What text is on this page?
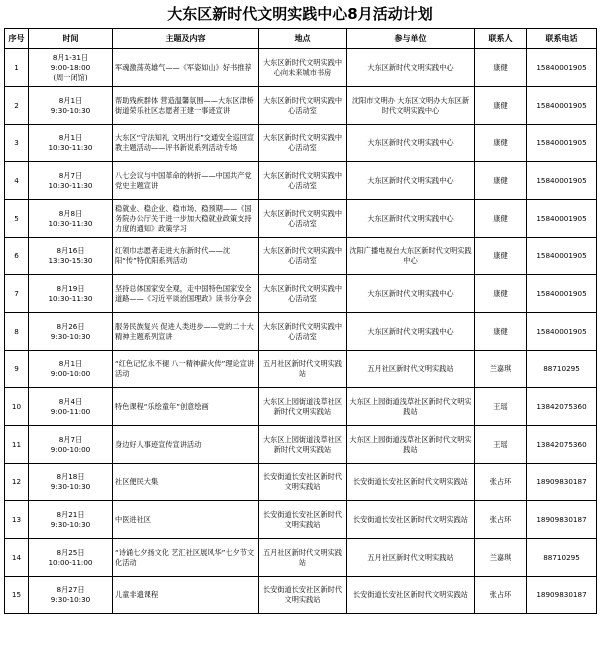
大东区新时代文明实践中心8月活动计划
序号	时间	主题及内容	地点	参与单位	联系人	联系电话
1	8月1-31日
9:00-18:00
(周一闭馆)	军魂激荡英雄气——《军姿如山》好书推荐	大东区新时代文明实践中心向未来城市书房	大东区新时代文明实践中心	康健	15840001905
2	8月1日
9:30-10:30	帮助残疾群体 营造温馨氛围——大东区津桥街道荣乐社区志愿者王建一事迹宣讲	大东区新时代文明实践中心活动室	沈阳市文明办 大东区文明办大东区新时代文明实践中心	康健	15840001905
3	8月1日
10:30-11:30	大东区“守法知礼 文明出行”交通安全巡回宣教主题活动——评书新说系列活动专场	大东区新时代文明实践中心活动室	大东区新时代文明实践中心	康健	15840001905
4	8月7日
10:30-11:30	八七会议与中国革命的转折——中国共产党党史主题宣讲	大东区新时代文明实践中心活动室	大东区新时代文明实践中心	康健	15840001905
5	8月8日
10:30-11:30	稳就业、稳企业、稳市场、稳预期——《国务院办公厅关于进一步加大稳就业政策支持力度的通知》政策学习	大东区新时代文明实践中心活动室	大东区新时代文明实践中心	康健	15840001905
6	8月16日
13:30-15:30	红领巾志愿者走进大东新时代——沈阳“传”特优阳系列活动	大东区新时代文明实践中心活动室	沈阳广播电视台大东区新时代文明实践中心	康健	15840001905
7	8月19日
10:30-11:30	坚持总体国家安全观，走中国特色国家安全道路——《习近平谈治国理政》读书分享会	大东区新时代文明实践中心活动室	大东区新时代文明实践中心	康健	15840001905
8	8月26日
9:30-10:30	服务民族复兴 促进人类进步——党的二十大精神主题系列宣讲	大东区新时代文明实践中心活动室	大东区新时代文明实践中心	康健	15840001905
9	8月1日
9:00-10:00	“红色记忆永不褪 八一精神薪火传”理论宣讲活动	五月社区新时代文明实践站	五月社区新时代文明实践站	兰嘉琪	88710295
10	8月4日
9:00-11:00	特色课程“乐绘童年”创意绘画	大东区上园街道浅草社区新时代文明实践站	大东区上园街道浅草社区新时代文明实践站	王瑶	13842075360
11	8月7日
9:00-10:00	身边好人事迹宣传宣讲活动	大东区上园街道浅草社区新时代文明实践站	大东区上园街道浅草社区新时代文明实践站	王瑶	13842075360
12	8月18日
9:30-10:30	社区便民大集	长安街道长安社区新时代文明实践站	长安街道长安社区新时代文明实践站	张占环	18909830187
13	8月21日
9:30-10:30	中医进社区	长安街道长安社区新时代文明实践站	长安街道长安社区新时代文明实践站	张占环	18909830187
14	8月25日
10:00-11:00	“诗诵七夕扬文化 艺汇社区展风华”七夕节文化活动	五月社区新时代文明实践站	五月社区新时代文明实践站	兰嘉琪	88710295
15	8月27日
9:30-10:30	儿童非遗课程	长安街道长安社区新时代文明实践站	长安街道长安社区新时代文明实践站	张占环	18909830187
